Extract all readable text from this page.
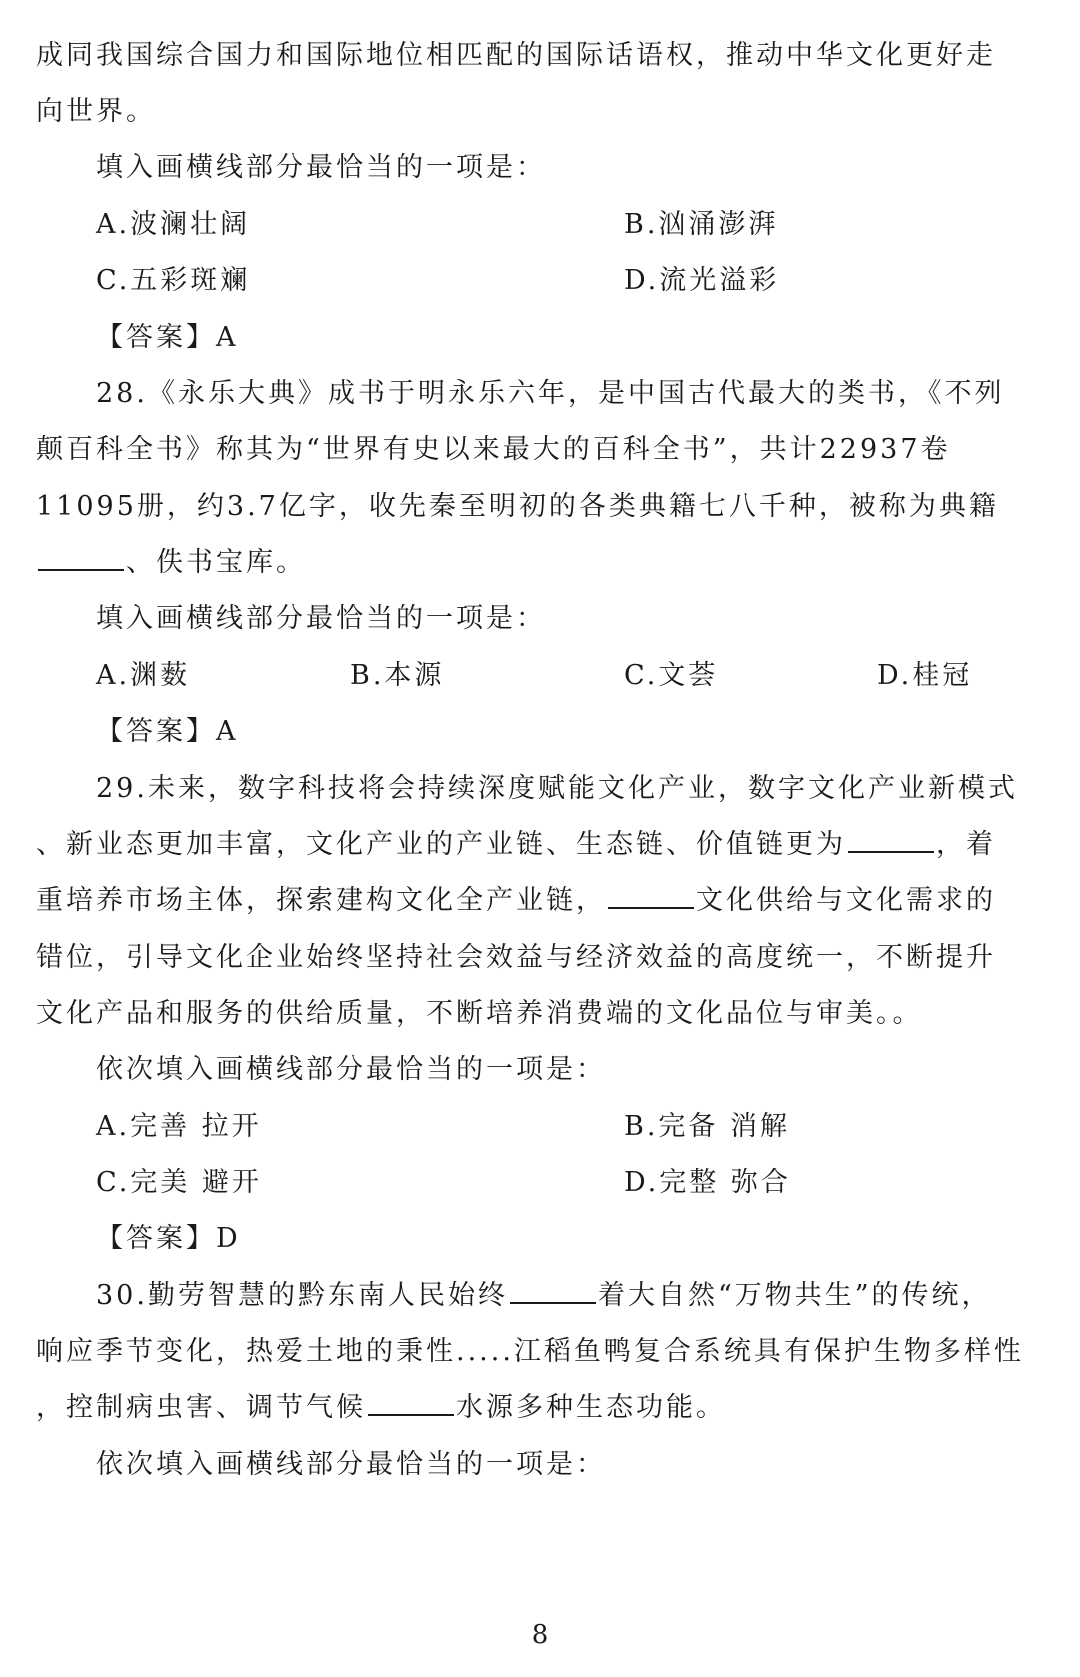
成同我国综合国力和国际地位相匹配的国际话语权，推动中华文化更好走
向世界。
填入画横线部分最恰当的一项是：
A.波澜壮阔	B.汹涌澎湃
C.五彩斑斓	D.流光溢彩
【答案】A
28.《永乐大典》成书于明永乐六年，是中国古代最大的类书，《不列
颠百科全书》称其为“世界有史以来最大的百科全书”，共计22937卷
11095册，约3.7亿字，收先秦至明初的各类典籍七八千种，被称为典籍
、佚书宝库。
填入画横线部分最恰当的一项是：
A.渊薮	B.本源	C.文荟	D.桂冠
【答案】A
29.未来，数字科技将会持续深度赋能文化产业，数字文化产业新模式
、新业态更加丰富，文化产业的产业链、生态链、价值链更为	，着
重培养市场主体，探索建构文化全产业链，	文化供给与文化需求的
错位，引导文化企业始终坚持社会效益与经济效益的高度统一，不断提升
文化产品和服务的供给质量，不断培养消费端的文化品位与审美。。
依次填入画横线部分最恰当的一项是：
A.完善 拉开	B.完备 消解
C.完美 避开	D.完整 弥合
【答案】D
30.勤劳智慧的黔东南人民始终	着大自然“万物共生”的传统，
响应季节变化，热爱土地的秉性.....江稻鱼鸭复合系统具有保护生物多样性
，控制病虫害、调节气候	水源多种生态功能。
依次填入画横线部分最恰当的一项是：
8
